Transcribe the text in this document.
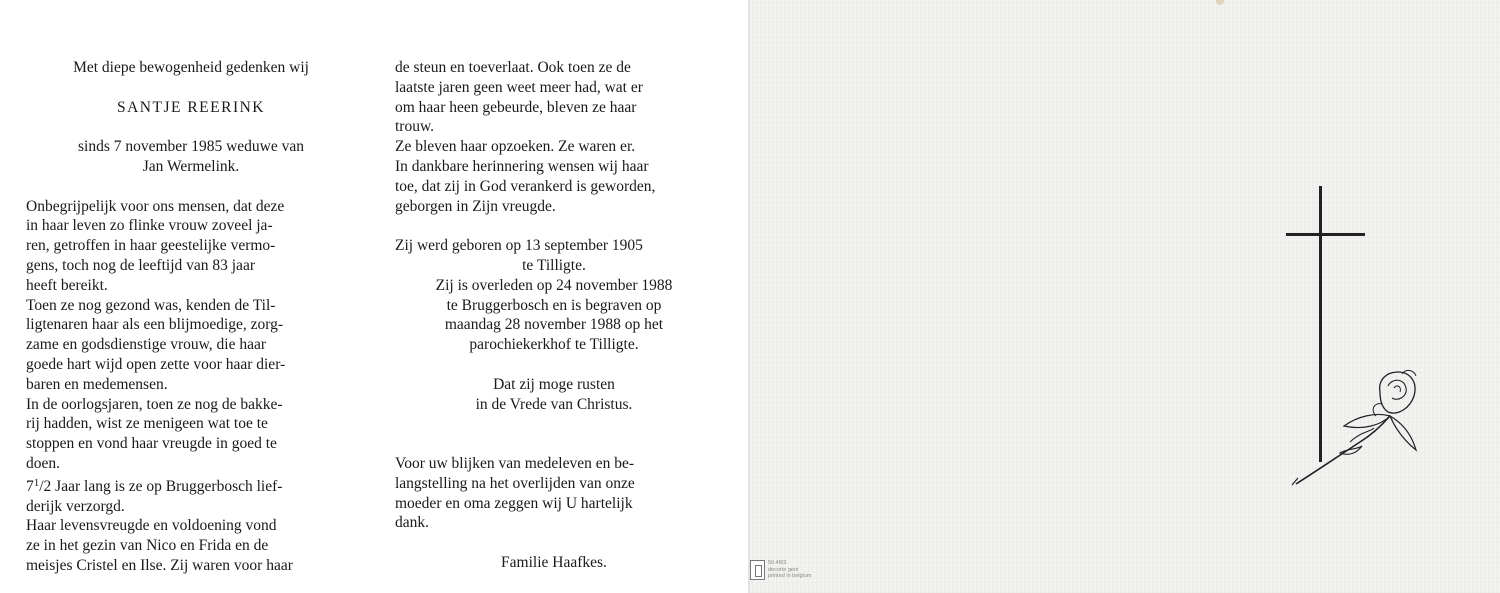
Met diepe bewogenheid gedenken wij
SANTJE REERINK
sinds 7 november 1985 weduwe van
Jan Wermelink.
Onbegrijpelijk voor ons mensen, dat deze
in haar leven zo flinke vrouw zoveel ja-
ren, getroffen in haar geestelijke vermo-
gens, toch nog de leeftijd van 83 jaar
heeft bereikt.
Toen ze nog gezond was, kenden de Til-
ligtenaren haar als een blijmoedige, zorg-
zame en godsdienstige vrouw, die haar
goede hart wijd open zette voor haar dier-
baren en medemensen.
In de oorlogsjaren, toen ze nog de bakke-
rij hadden, wist ze menigeen wat toe te
stoppen en vond haar vreugde in goed te
doen.
$7^1/2$ Jaar lang is ze op Bruggerbosch lief-
derijk verzorgd.
Haar levensvreugde en voldoening vond
ze in het gezin van Nico en Frida en de
meisjes Cristel en Ilse. Zij waren voor haar
de steun en toeverlaat. Ook toen ze de
laatste jaren geen weet meer had, wat er
om haar heen gebeurde, bleven ze haar
trouw.
Ze bleven haar opzoeken. Ze waren er.
In dankbare herinnering wensen wij haar
toe, dat zij in God verankerd is geworden,
geborgen in Zijn vreugde.
Zij werd geboren op 13 september 1905
te Tilligte.
Zij is overleden op 24 november 1988
te Bruggerbosch en is begraven op
maandag 28 november 1988 op het
parochiekerkhof te Tilligte.
Dat zij moge rusten
in de Vrede van Christus.
Voor uw blijken van medeleven en be-
langstelling na het overlijden van onze
moeder en oma zeggen wij U hartelijk
dank.
Familie Haafkes.	50.48/3
decorte gent
printed in belgium
